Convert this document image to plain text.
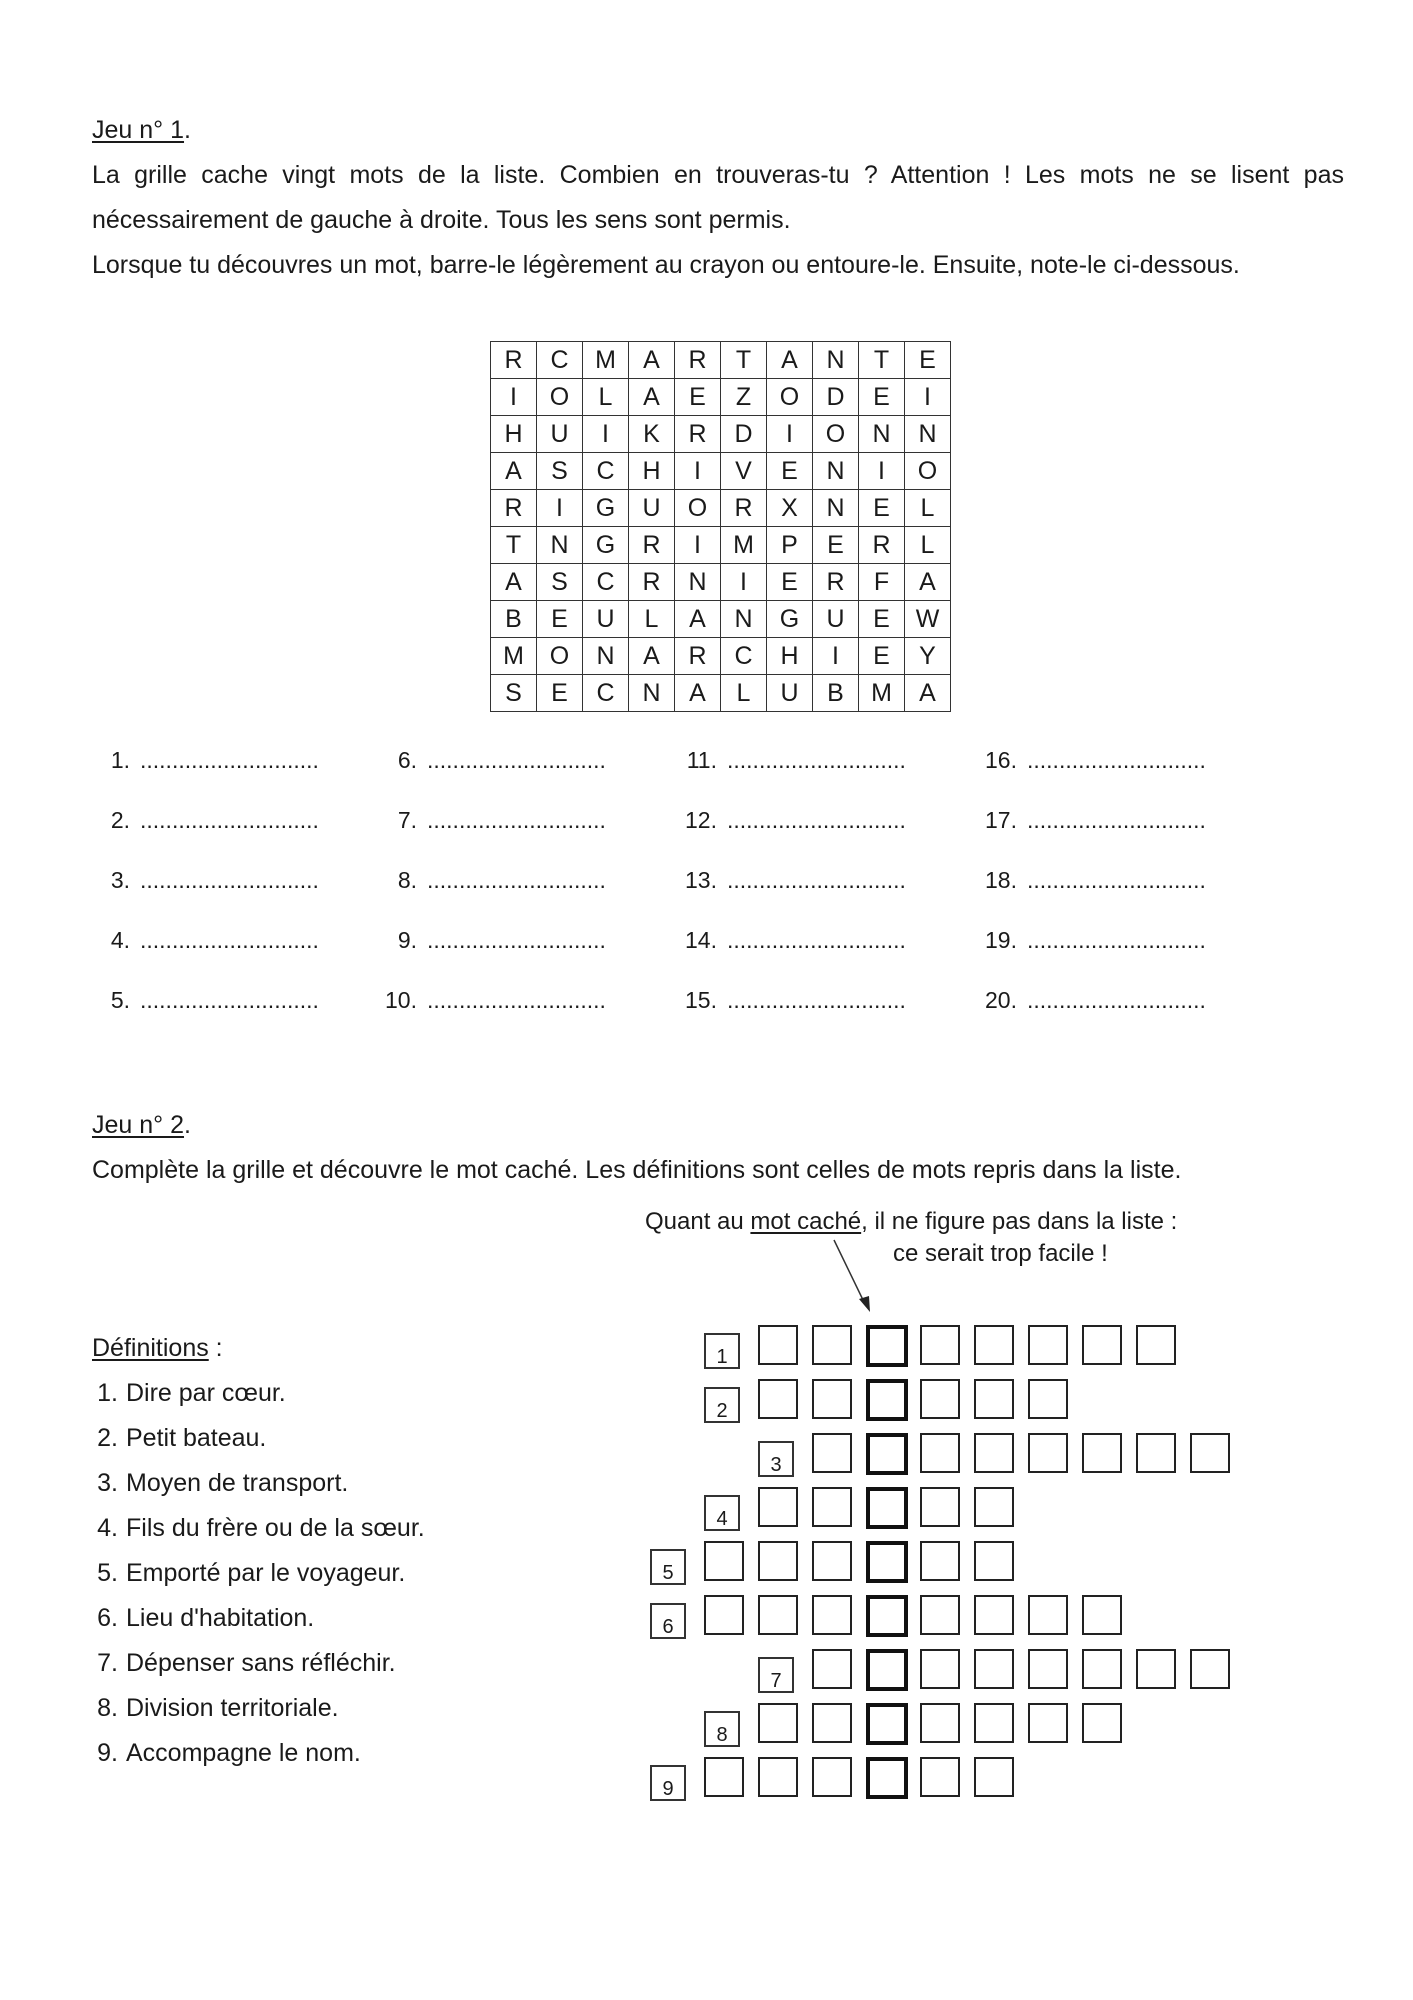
Jeu n° 1.
La grille cache vingt mots de la liste. Combien en trouveras-tu ? Attention ! Les mots ne se lisent pas
nécessairement de gauche à droite. Tous les sens sont permis.
Lorsque tu découvres un mot, barre-le légèrement au crayon ou entoure-le. Ensuite, note-le ci-dessous.
R	C	M	A	R	T	A	N	T	E
I	O	L	A	E	Z	O	D	E	I
H	U	I	K	R	D	I	O	N	N
A	S	C	H	I	V	E	N	I	O
R	I	G	U	O	R	X	N	E	L
T	N	G	R	I	M	P	E	R	L
A	S	C	R	N	I	E	R	F	A
B	E	U	L	A	N	G	U	E	W
M	O	N	A	R	C	H	I	E	Y
S	E	C	N	A	L	U	B	M	A
1. ............................
2. ............................
3. ............................
4. ............................
5. ............................
6. ............................
7. ............................
8. ............................
9. ............................
10. ............................
11. ............................
12. ............................
13. ............................
14. ............................
15. ............................
16. ............................
17. ............................
18. ............................
19. ............................
20. ............................
Jeu n° 2.
Complète la grille et découvre le mot caché. Les définitions sont celles de mots repris dans la liste.
Quant au mot caché, il ne figure pas dans la liste :
ce serait trop facile !
Définitions :
1. Dire par cœur.
2. Petit bateau.
3. Moyen de transport.
4. Fils du frère ou de la sœur.
5. Emporté par le voyageur.
6. Lieu d'habitation.
7. Dépenser sans réfléchir.
8. Division territoriale.
9. Accompagne le nom.
1
2
3
4
5
6
7
8
9
